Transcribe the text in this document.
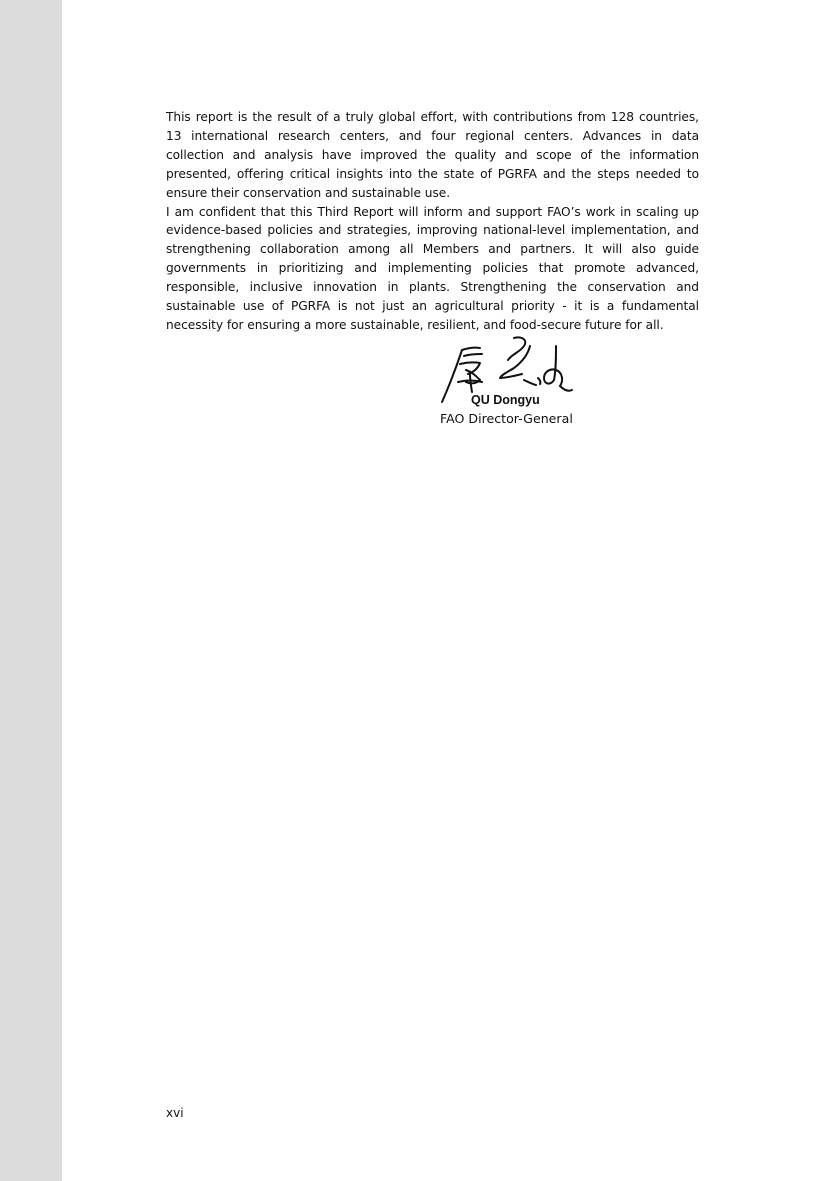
This report is the result of a truly global effort, with contributions from 128 countries, 13 international research centers, and four regional centers. Advances in data collection and analysis have improved the quality and scope of the information presented, offering critical insights into the state of PGRFA and the steps needed to ensure their conservation and sustainable use.

I am confident that this Third Report will inform and support FAO’s work in scaling up evidence-based policies and strategies, improving national-level implementation, and strengthening collaboration among all Members and partners. It will also guide governments in prioritizing and implementing policies that promote advanced, responsible, inclusive innovation in plants. Strengthening the conservation and sustainable use of PGRFA is not just an agricultural priority - it is a fundamental necessity for ensuring a more sustainable, resilient, and food-secure future for all.

QU Dongyu
FAO Director-General
xvi
